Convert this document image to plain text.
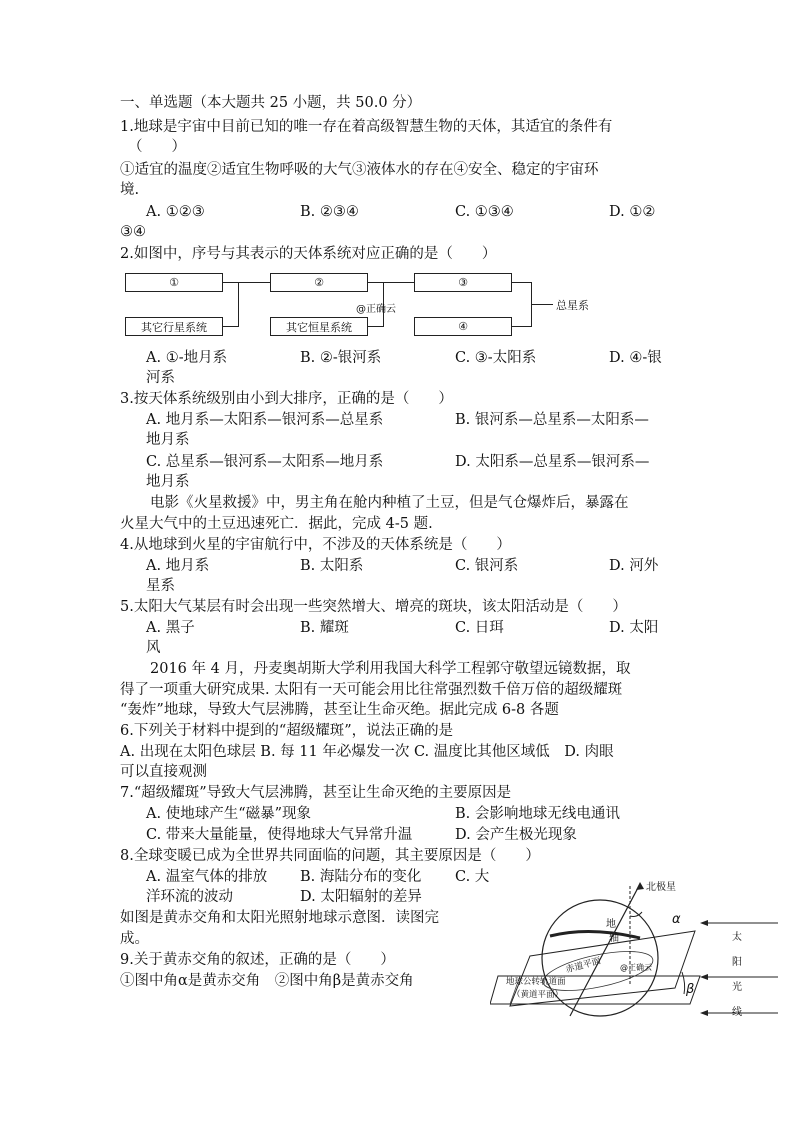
一、单选题（本大题共 25 小题，共 50.0 分）
1.地球是宇宙中目前已知的唯一存在着高级智慧生物的天体，其适宜的条件有
（　　）
①适宜的温度②适宜生物呼吸的大气③液体水的存在④安全、稳定的宇宙环
境.
A. ①②③	B. ②③④	C. ①③④	D. ①②
③④
2.如图中，序号与其表示的天体系统对应正确的是（　　）
①	②	③
其它行星系统	其它恒星系统	④
总星系
@正确云
A. ①-地月系	B. ②-银河系	C. ③-太阳系	D. ④-银
河系
3.按天体系统级别由小到大排序，正确的是（　　）
A. 地月系—太阳系—银河系—总星系	B. 银河系—总星系—太阳系—
地月系
C. 总星系—银河系—太阳系—地月系	D. 太阳系—总星系—银河系—
地月系
电影《火星救援》中，男主角在舱内种植了土豆，但是气仓爆炸后，暴露在
火星大气中的土豆迅速死亡．据此，完成 4-5 题.
4.从地球到火星的宇宙航行中，不涉及的天体系统是（　　）
A. 地月系	B. 太阳系	C. 银河系	D. 河外
星系
5.太阳大气某层有时会出现一些突然增大、增亮的斑块，该太阳活动是（　　）
A. 黑子	B. 耀斑	C. 日珥	D. 太阳
风
2016 年 4 月，丹麦奥胡斯大学利用我国大科学工程郭守敬望远镜数据，取
得了一项重大研究成果. 太阳有一天可能会用比往常强烈数千倍万倍的超级耀斑
“轰炸”地球，导致大气层沸腾，甚至让生命灭绝。据此完成 6-8 各题
6.下列关于材料中提到的“超级耀斑”，说法正确的是
A. 出现在太阳色球层 B. 每 11 年必爆发一次 C. 温度比其他区域低　D. 肉眼
可以直接观测
7.“超级耀斑”导致大气层沸腾，甚至让生命灭绝的主要原因是
A. 使地球产生“磁暴”现象	B. 会影响地球无线电通讯
C. 带来大量能量，使得地球大气异常升温	D. 会产生极光现象
8.全球变暖已成为全世界共同面临的问题，其主要原因是（　　）
A. 温室气体的排放 B. 海陆分布的变化 C. 大
洋环流的波动	D. 太阳辐射的差异
如图是黄赤交角和太阳光照射地球示意图．读图完
成。
9.关于黄赤交角的叙述，正确的是（　　）
①图中角α是黄赤交角　②图中角β是黄赤交角
北极星
地
轴
赤道平面
地球公转轨道面
（黄道平面）
α
β
@正确云
太
阳
光
线
